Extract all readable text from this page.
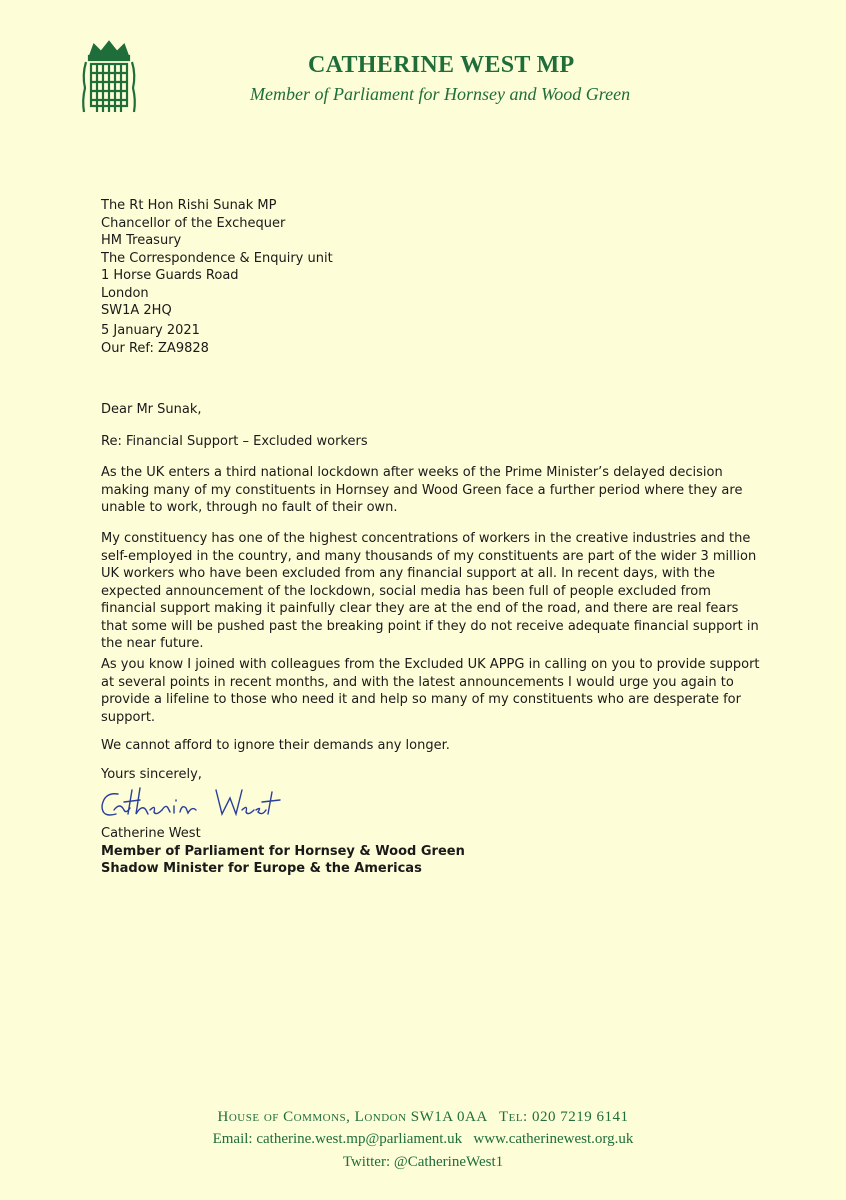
CATHERINE WEST MP
Member of Parliament for Hornsey and Wood Green
The Rt Hon Rishi Sunak MP
Chancellor of the Exchequer
HM Treasury
The Correspondence & Enquiry unit
1 Horse Guards Road
London
SW1A 2HQ
5 January 2021
Our Ref: ZA9828
Dear Mr Sunak,
Re: Financial Support – Excluded workers
As the UK enters a third national lockdown after weeks of the Prime Minister’s delayed decision making many of my constituents in Hornsey and Wood Green face a further period where they are unable to work, through no fault of their own.
My constituency has one of the highest concentrations of workers in the creative industries and the self-employed in the country, and many thousands of my constituents are part of the wider 3 million UK workers who have been excluded from any financial support at all. In recent days, with the expected announcement of the lockdown, social media has been full of people excluded from financial support making it painfully clear they are at the end of the road, and there are real fears that some will be pushed past the breaking point if they do not receive adequate financial support in the near future.
As you know I joined with colleagues from the Excluded UK APPG in calling on you to provide support at several points in recent months, and with the latest announcements I would urge you again to provide a lifeline to those who need it and help so many of my constituents who are desperate for support.
We cannot afford to ignore their demands any longer.
Yours sincerely,
Catherine West
Member of Parliament for Hornsey & Wood Green
Shadow Minister for Europe & the Americas
House of Commons, London SW1A 0AA Tel: 020 7219 6141
Email: catherine.west.mp@parliament.uk www.catherinewest.org.uk
Twitter: @CatherineWest1
